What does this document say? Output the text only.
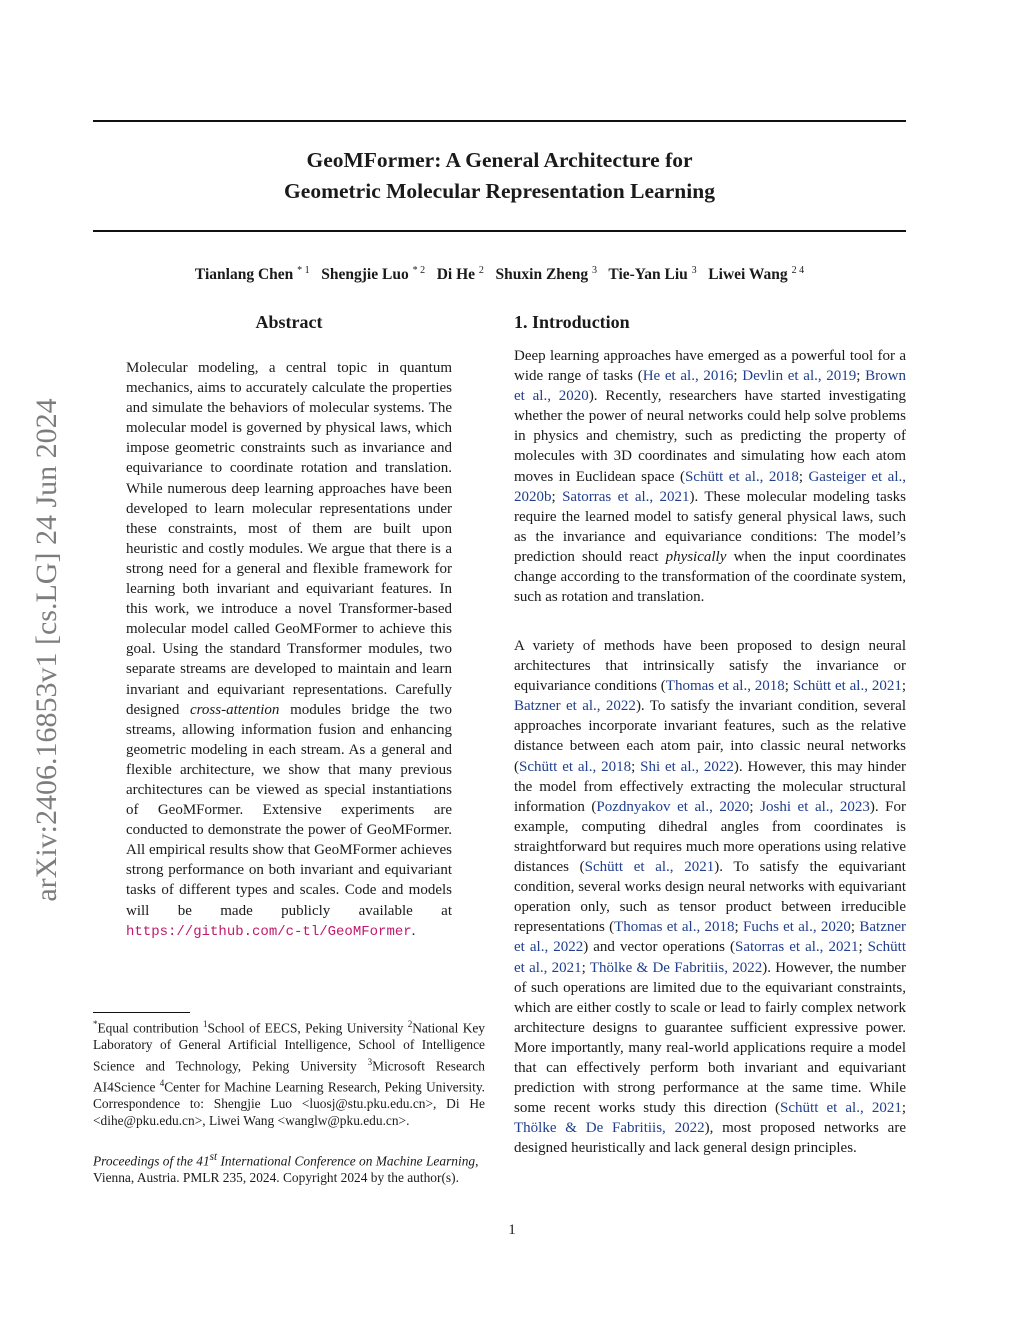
GeoMFormer: A General Architecture for
Geometric Molecular Representation Learning
Tianlang Chen $^{* 1}$ Shengjie Luo $^{* 2}$ Di He $^2$ Shuxin Zheng $^3$ Tie-Yan Liu $^3$ Liwei Wang $^{2 4}$
arXiv:2406.16853v1 [cs.LG] 24 Jun 2024
Abstract
Molecular modeling, a central topic in quantum mechanics, aims to accurately calculate the properties and simulate the behaviors of molecular systems. The molecular model is governed by physical laws, which impose geometric constraints such as invariance and equivariance to coordinate rotation and translation. While numerous deep learning approaches have been developed to learn molecular representations under these constraints, most of them are built upon heuristic and costly modules. We argue that there is a strong need for a general and flexible framework for learning both invariant and equivariant features. In this work, we introduce a novel Transformer-based molecular model called GeoMFormer to achieve this goal. Using the standard Transformer modules, two separate streams are developed to maintain and learn invariant and equivariant representations. Carefully designed cross-attention modules bridge the two streams, allowing information fusion and enhancing geometric modeling in each stream. As a general and flexible architecture, we show that many previous architectures can be viewed as special instantiations of GeoMFormer. Extensive experiments are conducted to demonstrate the power of GeoMFormer. All empirical results show that GeoMFormer achieves strong performance on both invariant and equivariant tasks of different types and scales. Code and models will be made publicly available at https://github.com/c-tl/GeoMFormer.
*Equal contribution $^1$School of EECS, Peking University $^2$National Key Laboratory of General Artificial Intelligence, School of Intelligence Science and Technology, Peking University $^3$Microsoft Research AI4Science $^4$Center for Machine Learning Research, Peking University. Correspondence to: Shengjie Luo <luosj@stu.pku.edu.cn>, Di He <dihe@pku.edu.cn>, Liwei Wang <wanglw@pku.edu.cn>.
Proceedings of the 41st International Conference on Machine Learning, Vienna, Austria. PMLR 235, 2024. Copyright 2024 by the author(s).
1. Introduction
Deep learning approaches have emerged as a powerful tool for a wide range of tasks (He et al., 2016; Devlin et al., 2019; Brown et al., 2020). Recently, researchers have started investigating whether the power of neural networks could help solve problems in physics and chemistry, such as predicting the property of molecules with 3D coordinates and simulating how each atom moves in Euclidean space (Schütt et al., 2018; Gasteiger et al., 2020b; Satorras et al., 2021). These molecular modeling tasks require the learned model to satisfy general physical laws, such as the invariance and equivariance conditions: The model’s prediction should react physically when the input coordinates change according to the transformation of the coordinate system, such as rotation and translation.
A variety of methods have been proposed to design neural architectures that intrinsically satisfy the invariance or equivariance conditions (Thomas et al., 2018; Schütt et al., 2021; Batzner et al., 2022). To satisfy the invariant condition, several approaches incorporate invariant features, such as the relative distance between each atom pair, into classic neural networks (Schütt et al., 2018; Shi et al., 2022). However, this may hinder the model from effectively extracting the molecular structural information (Pozdnyakov et al., 2020; Joshi et al., 2023). For example, computing dihedral angles from coordinates is straightforward but requires much more operations using relative distances (Schütt et al., 2021). To satisfy the equivariant condition, several works design neural networks with equivariant operation only, such as tensor product between irreducible representations (Thomas et al., 2018; Fuchs et al., 2020; Batzner et al., 2022) and vector operations (Satorras et al., 2021; Schütt et al., 2021; Thölke & De Fabritiis, 2022). However, the number of such operations are limited due to the equivariant constraints, which are either costly to scale or lead to fairly complex network architecture designs to guarantee sufficient expressive power. More importantly, many real-world applications require a model that can effectively perform both invariant and equivariant prediction with strong performance at the same time. While some recent works study this direction (Schütt et al., 2021; Thölke & De Fabritiis, 2022), most proposed networks are designed heuristically and lack general design principles.
1
